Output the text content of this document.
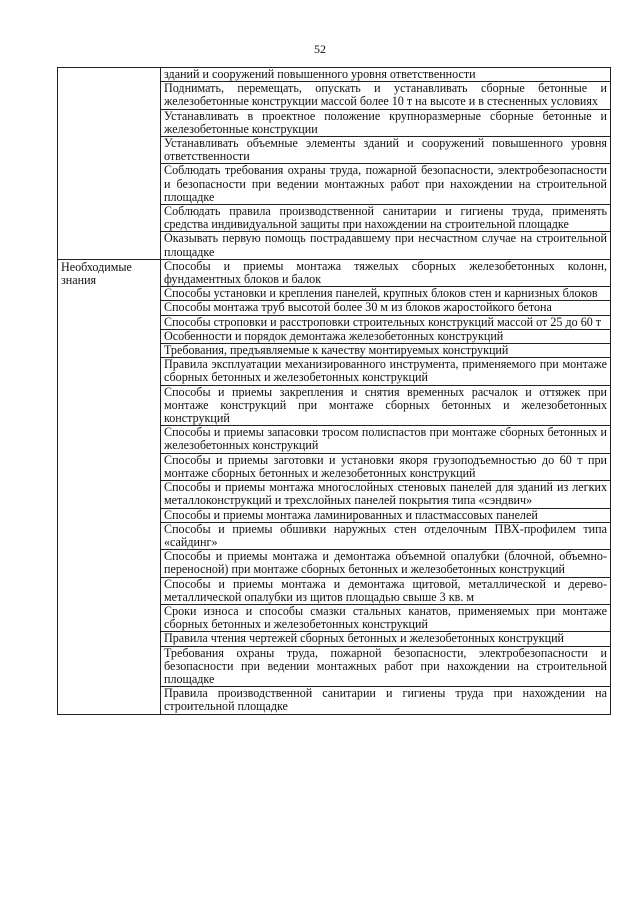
52
	зданий и сооружений повышенного уровня ответственности
	Поднимать, перемещать, опускать и устанавливать сборные бетонные и железобетонные конструкции массой более 10 т на высоте и в стесненных условиях
	Устанавливать в проектное положение крупноразмерные сборные бетонные и железобетонные конструкции
	Устанавливать объемные элементы зданий и сооружений повышенного уровня ответственности
	Соблюдать требования охраны труда, пожарной безопасности, электробезопасности и безопасности при ведении монтажных работ при нахождении на строительной площадке
	Соблюдать правила производственной санитарии и гигиены труда, применять средства индивидуальной защиты при нахождении на строительной площадке
	Оказывать первую помощь пострадавшему при несчастном случае на строительной площадке

Необходимые знания	Способы и приемы монтажа тяжелых сборных железобетонных колонн, фундаментных блоков и балок
	Способы установки и крепления панелей, крупных блоков стен и карнизных блоков
	Способы монтажа труб высотой более 30 м из блоков жаростойкого бетона
	Способы строповки и расстроповки строительных конструкций массой от 25 до 60 т
	Особенности и порядок демонтажа железобетонных конструкций
	Требования, предъявляемые к качеству монтируемых конструкций
	Правила эксплуатации механизированного инструмента, применяемого при монтаже сборных бетонных и железобетонных конструкций
	Способы и приемы закрепления и снятия временных расчалок и оттяжек при монтаже конструкций при монтаже сборных бетонных и железобетонных конструкций
	Способы и приемы запасовки тросом полиспастов при монтаже сборных бетонных и железобетонных конструкций
	Способы и приемы заготовки и установки якоря грузоподъемностью до 60 т при монтаже сборных бетонных и железобетонных конструкций
	Способы и приемы монтажа многослойных стеновых панелей для зданий из легких металлоконструкций и трехслойных панелей покрытия типа «сэндвич»
	Способы и приемы монтажа ламинированных и пластмассовых панелей
	Способы и приемы обшивки наружных стен отделочным ПВХ-профилем типа «сайдинг»
	Способы и приемы монтажа и демонтажа объемной опалубки (блочной, объемно-переносной) при монтаже сборных бетонных и железобетонных конструкций
	Способы и приемы монтажа и демонтажа щитовой, металлической и дерево-металлической опалубки из щитов площадью свыше 3 кв. м
	Сроки износа и способы смазки стальных канатов, применяемых при монтаже сборных бетонных и железобетонных конструкций
	Правила чтения чертежей сборных бетонных и железобетонных конструкций
	Требования охраны труда, пожарной безопасности, электробезопасности и безопасности при ведении монтажных работ при нахождении на строительной площадке
	Правила производственной санитарии и гигиены труда при нахождении на строительной площадке
